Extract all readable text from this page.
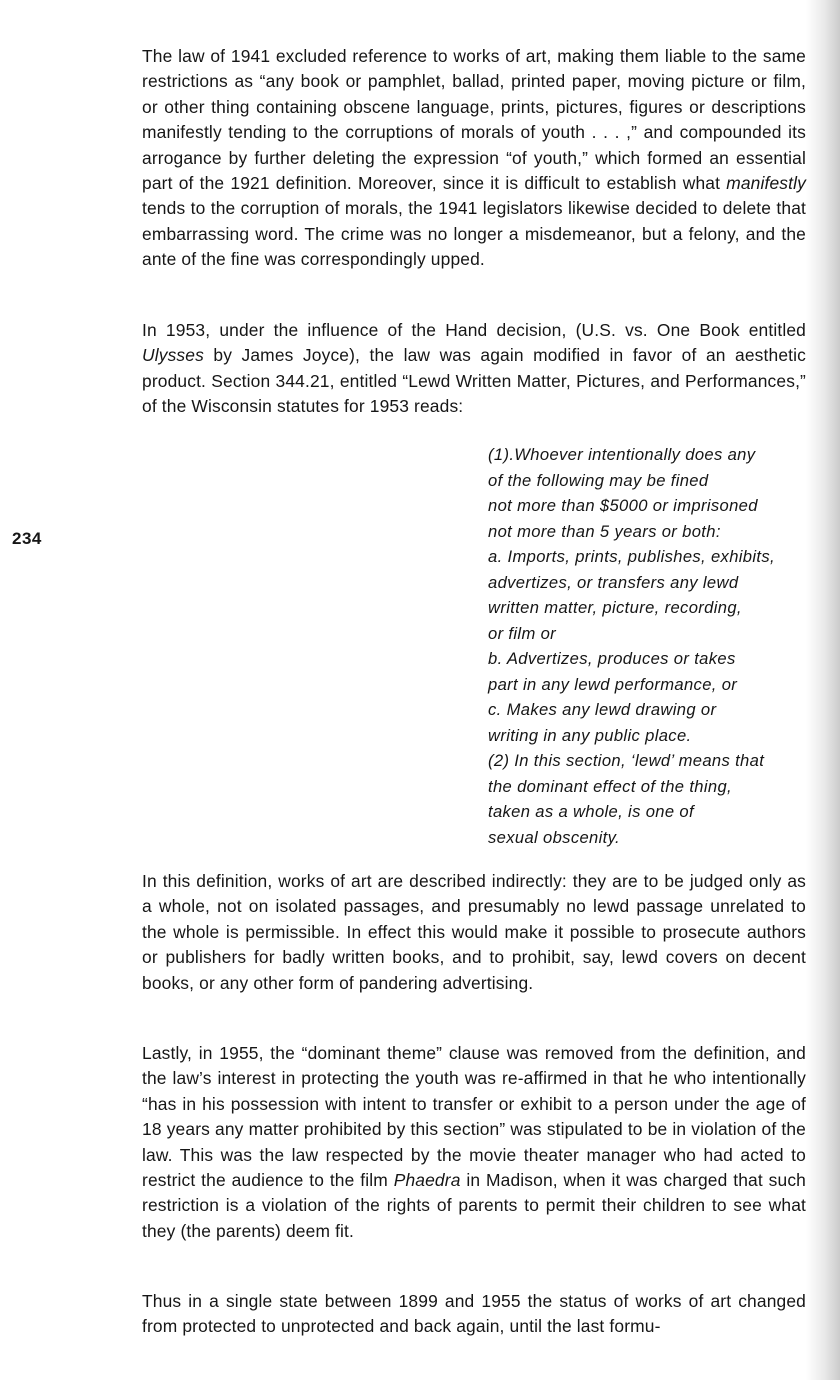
234

The law of 1941 excluded reference to works of art, making them liable to the same restrictions as “any book or pamphlet, ballad, printed paper, moving picture or film, or other thing containing obscene language, prints, pictures, figures or descriptions manifestly tending to the corruptions of morals of youth . . . ,” and compounded its arrogance by further deleting the expression “of youth,” which formed an essential part of the 1921 definition. Moreover, since it is difficult to establish what manifestly tends to the corruption of morals, the 1941 legislators likewise decided to delete that embarrassing word. The crime was no longer a misdemeanor, but a felony, and the ante of the fine was correspondingly upped.

In 1953, under the influence of the Hand decision, (U.S. vs. One Book entitled Ulysses by James Joyce), the law was again modified in favor of an aesthetic product. Section 344.21, entitled “Lewd Written Matter, Pictures, and Performances,” of the Wisconsin statutes for 1953 reads:

(1).Whoever intentionally does any
of the following may be fined
not more than $5000 or imprisoned
not more than 5 years or both:
a. Imports, prints, publishes, exhibits,
advertizes, or transfers any lewd
written matter, picture, recording,
or film or
b. Advertizes, produces or takes
part in any lewd performance, or
c. Makes any lewd drawing or
writing in any public place.
(2) In this section, ‘lewd’ means that
the dominant effect of the thing,
taken as a whole, is one of
sexual obscenity.

In this definition, works of art are described indirectly: they are to be judged only as a whole, not on isolated passages, and presumably no lewd passage unrelated to the whole is permissible. In effect this would make it possible to prosecute authors or publishers for badly written books, and to prohibit, say, lewd covers on decent books, or any other form of pandering advertising.

Lastly, in 1955, the “dominant theme” clause was removed from the definition, and the law’s interest in protecting the youth was re-affirmed in that he who intentionally “has in his possession with intent to transfer or exhibit to a person under the age of 18 years any matter prohibited by this section” was stipulated to be in violation of the law. This was the law respected by the movie theater manager who had acted to restrict the audience to the film Phaedra in Madison, when it was charged that such restriction is a violation of the rights of parents to permit their children to see what they (the parents) deem fit.

Thus in a single state between 1899 and 1955 the status of works of art changed from protected to unprotected and back again, until the last formu-
